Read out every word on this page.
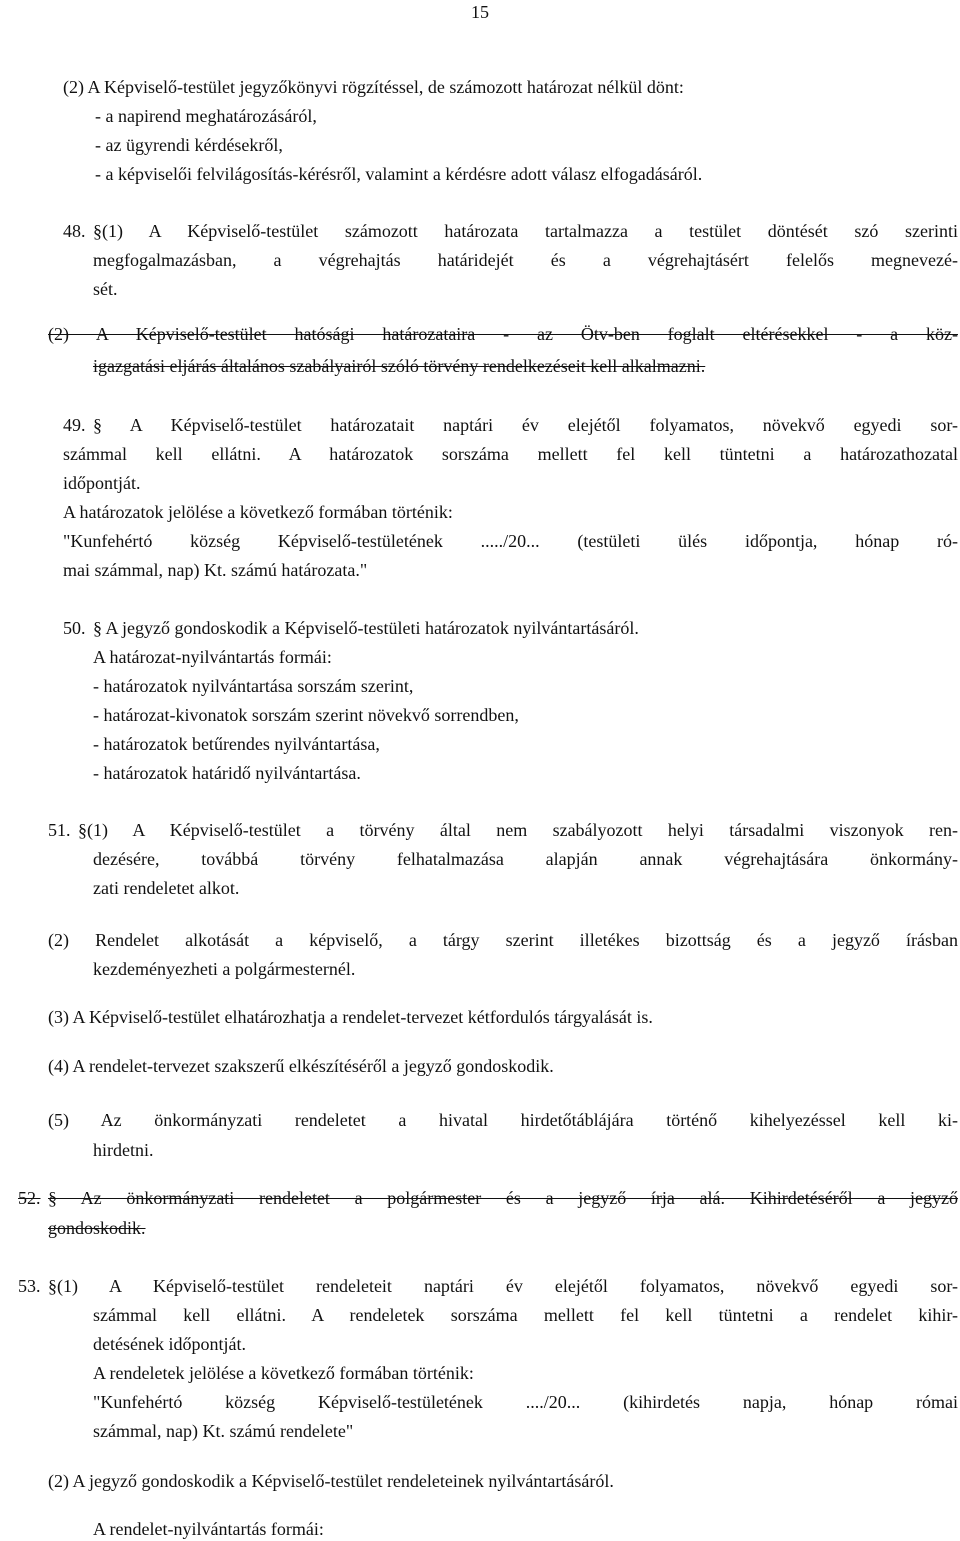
15
(2) A Képviselő-testület jegyzőkönyvi rögzítéssel, de számozott határozat nélkül dönt:
- a napirend meghatározásáról,
- az ügyrendi kérdésekről,
- a képviselői felvilágosítás-kérésről, valamint a kérdésre adott válasz elfogadásáról.
48. §(1) A Képviselő-testület számozott határozata tartalmazza a testület döntését szó szerinti
megfogalmazásban, a végrehajtás határidejét és a végrehajtásért felelős megnevezé-
sét.
(2) A Képviselő-testület hatósági határozataira - az Ötv-ben foglalt eltérésekkel - a köz-
igazgatási eljárás általános szabályairól szóló törvény rendelkezéseit kell alkalmazni.
49. § A Képviselő-testület határozatait naptári év elejétől folyamatos, növekvő egyedi sor-
számmal kell ellátni. A határozatok sorszáma mellett fel kell tüntetni a határozathozatal
időpontját.
A határozatok jelölése a következő formában történik:
"Kunfehértó község Képviselő-testületének ...../20... (testületi ülés időpontja, hónap ró-
mai számmal, nap) Kt. számú határozata."
50. § A jegyző gondoskodik a Képviselő-testületi határozatok nyilvántartásáról.
A határozat-nyilvántartás formái:
- határozatok nyilvántartása sorszám szerint,
- határozat-kivonatok sorszám szerint növekvő sorrendben,
- határozatok betűrendes nyilvántartása,
- határozatok határidő nyilvántartása.
51. §(1) A Képviselő-testület a törvény által nem szabályozott helyi társadalmi viszonyok ren-
dezésére, továbbá törvény felhatalmazása alapján annak végrehajtására önkormány-
zati rendeletet alkot.
(2) Rendelet alkotását a képviselő, a tárgy szerint illetékes bizottság és a jegyző írásban
kezdeményezheti a polgármesternél.
(3) A Képviselő-testület elhatározhatja a rendelet-tervezet kétfordulós tárgyalását is.
(4) A rendelet-tervezet szakszerű elkészítéséről a jegyző gondoskodik.
(5) Az önkormányzati rendeletet a hivatal hirdetőtáblájára történő kihelyezéssel kell ki-
hirdetni.
52. § Az önkormányzati rendeletet a polgármester és a jegyző írja alá. Kihirdetéséről a jegyző
gondoskodik.
53. §(1) A Képviselő-testület rendeleteit naptári év elejétől folyamatos, növekvő egyedi sor-
számmal kell ellátni. A rendeletek sorszáma mellett fel kell tüntetni a rendelet kihir-
detésének időpontját.
A rendeletek jelölése a következő formában történik:
"Kunfehértó község Képviselő-testületének ..../20... (kihirdetés napja, hónap római
számmal, nap) Kt. számú rendelete"
(2) A jegyző gondoskodik a Képviselő-testület rendeleteinek nyilvántartásáról.
A rendelet-nyilvántartás formái:
